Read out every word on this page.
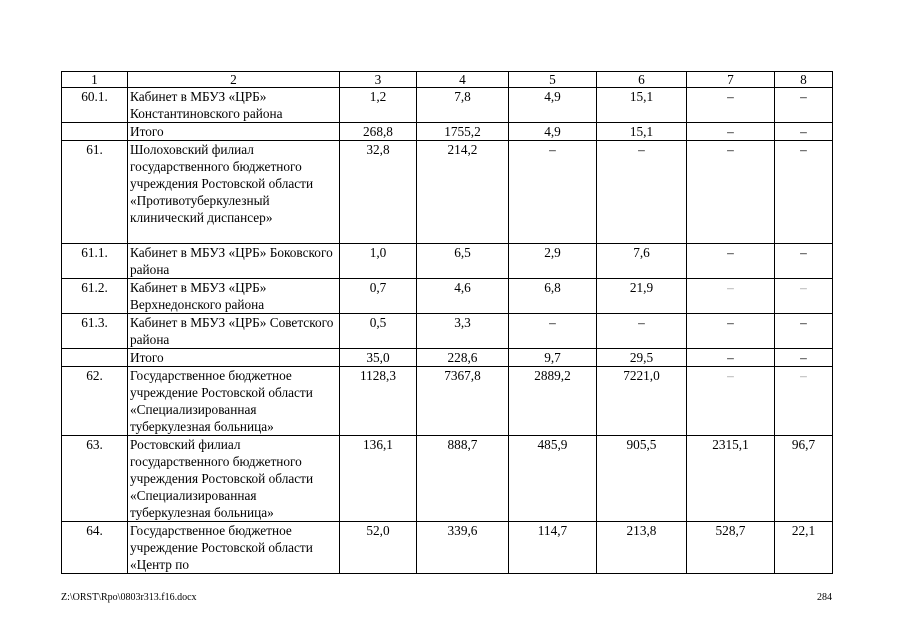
1	2	3	4	5	6	7	8
60.1.	Кабинет в МБУЗ «ЦРБ» Константиновского района	1,2	7,8	4,9	15,1	–	–
	Итого	268,8	1755,2	4,9	15,1	–	–
61.	Шолоховский филиал государственного бюджетного учреждения Ростовской области «Противотуберкулезный клинический диспансер»	32,8	214,2	–	–	–	–
61.1.	Кабинет в МБУЗ «ЦРБ» Боковского района	1,0	6,5	2,9	7,6	–	–
61.2.	Кабинет в МБУЗ «ЦРБ» Верхнедонского района	0,7	4,6	6,8	21,9	–	–
61.3.	Кабинет в МБУЗ «ЦРБ» Советского района	0,5	3,3	–	–	–	–
	Итого	35,0	228,6	9,7	29,5	–	–
62.	Государственное бюджетное учреждение Ростовской области «Специализированная туберкулезная больница»	1128,3	7367,8	2889,2	7221,0	–	–
63.	Ростовский филиал государственного бюджетного учреждения Ростовской области «Специализированная туберкулезная больница»	136,1	888,7	485,9	905,5	2315,1	96,7
64.	Государственное бюджетное учреждение Ростовской области «Центр по	52,0	339,6	114,7	213,8	528,7	22,1
Z:\ORST\Rpo\0803r313.f16.docx	284
